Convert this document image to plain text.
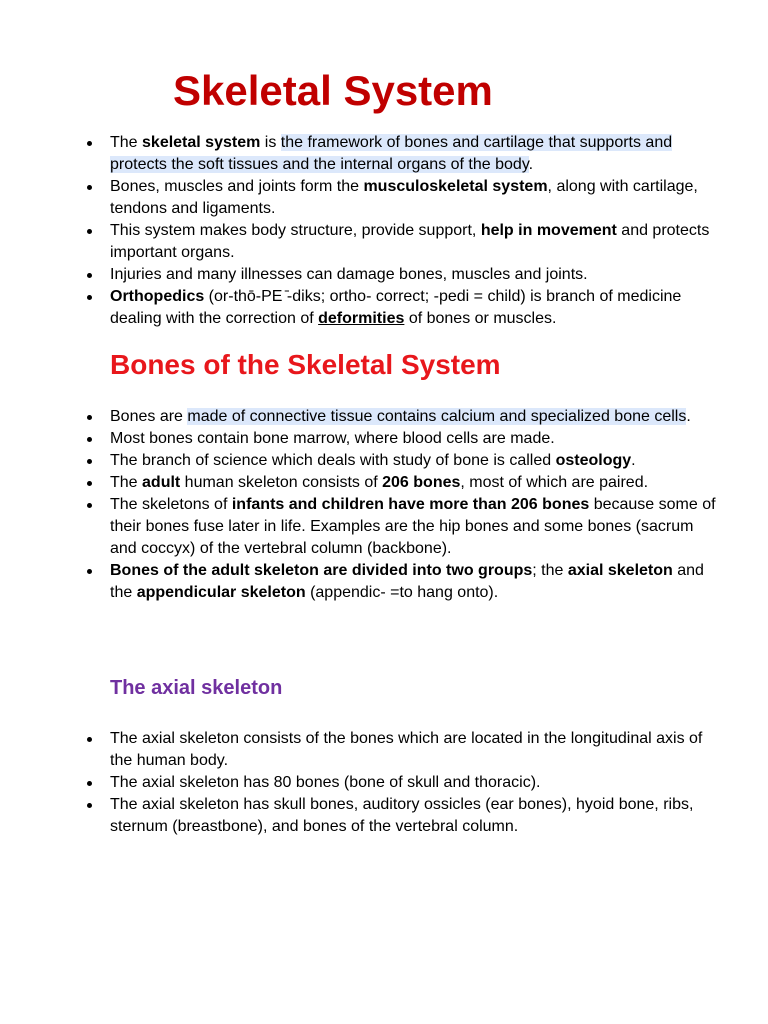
Skeletal System
The skeletal system is the framework of bones and cartilage that supports and protects the soft tissues and the internal organs of the body.
Bones, muscles and joints form the musculoskeletal system, along with cartilage, tendons and ligaments.
This system makes body structure, provide support, help in movement and protects important organs.
Injuries and many illnesses can damage bones, muscles and joints.
Orthopedics (or-thō-PE ̄-diks; ortho- correct; -pedi = child) is branch of medicine dealing with the correction of deformities of bones or muscles.
Bones of the Skeletal System
Bones are made of connective tissue contains calcium and specialized bone cells.
Most bones contain bone marrow, where blood cells are made.
The branch of science which deals with study of bone is called osteology.
The adult human skeleton consists of 206 bones, most of which are paired.
The skeletons of infants and children have more than 206 bones because some of their bones fuse later in life. Examples are the hip bones and some bones (sacrum and coccyx) of the vertebral column (backbone).
Bones of the adult skeleton are divided into two groups; the axial skeleton and the appendicular skeleton (appendic- =to hang onto).
The axial skeleton
The axial skeleton consists of the bones which are located in the longitudinal axis of the human body.
The axial skeleton has 80 bones (bone of skull and thoracic).
The axial skeleton has skull bones, auditory ossicles (ear bones), hyoid bone, ribs, sternum (breastbone), and bones of the vertebral column.
